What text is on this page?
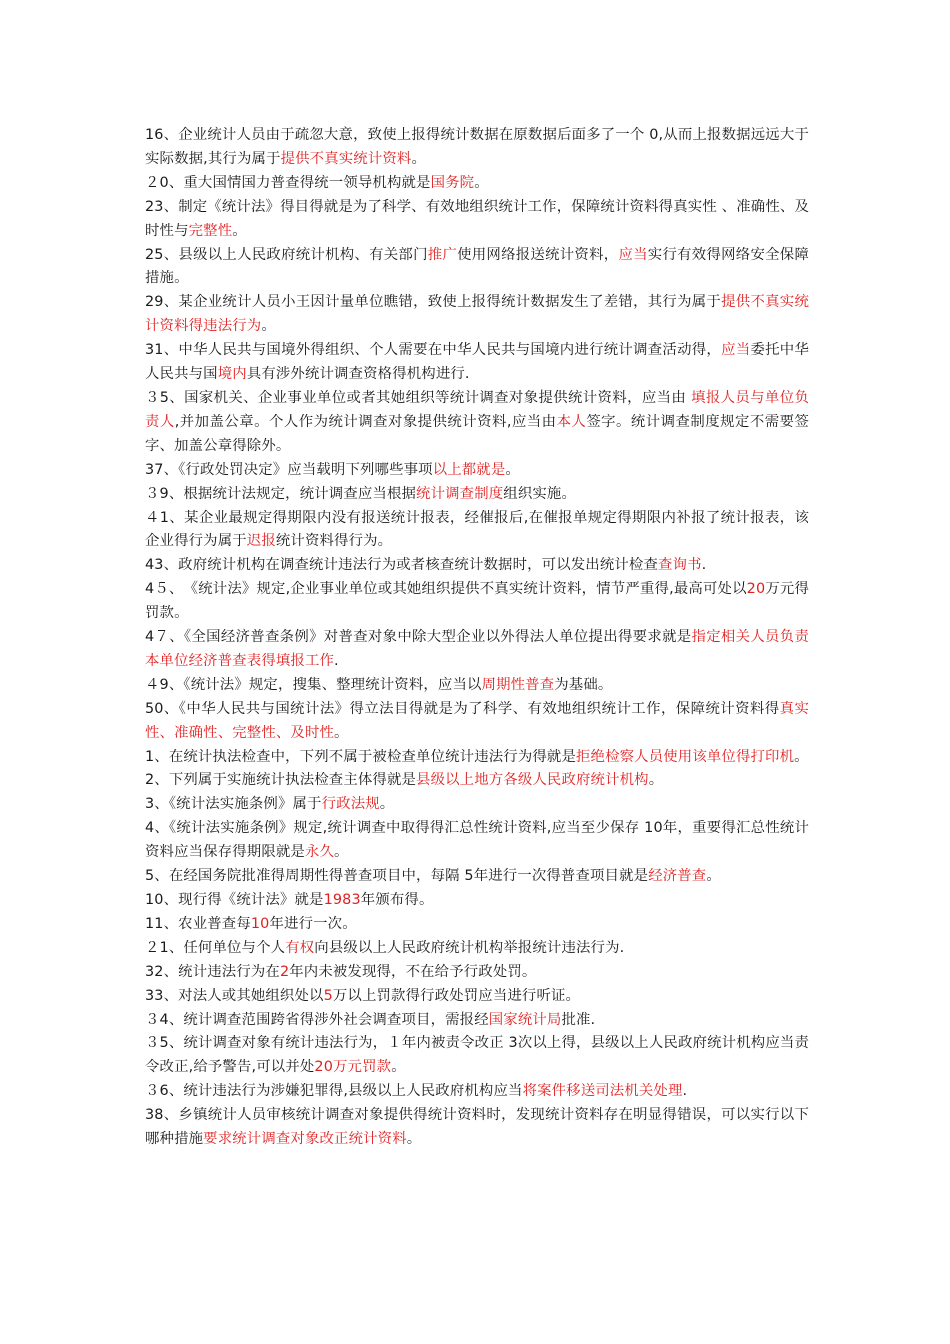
16、企业统计人员由于疏忽大意，致使上报得统计数据在原数据后面多了一个 0,从而上报数据远远大于实际数据,其行为属于提供不真实统计资料。

２0、重大国情国力普查得统一领导机构就是国务院。

23、制定《统计法》得目得就是为了科学、有效地组织统计工作，保障统计资料得真实性 、准确性、及时性与完整性。

25、县级以上人民政府统计机构、有关部门推广使用网络报送统计资料，应当实行有效得网络安全保障措施。

29、某企业统计人员小王因计量单位瞧错，致使上报得统计数据发生了差错，其行为属于提供不真实统计资料得违法行为。

31、中华人民共与国境外得组织、个人需要在中华人民共与国境内进行统计调查活动得，应当委托中华人民共与国境内具有涉外统计调查资格得机构进行.

３5、国家机关、企业事业单位或者其她组织等统计调查对象提供统计资料，应当由 填报人员与单位负责人,并加盖公章。个人作为统计调查对象提供统计资料,应当由本人签字。统计调查制度规定不需要签字、加盖公章得除外。

37、《行政处罚决定》应当载明下列哪些事项以上都就是。

３9、根据统计法规定，统计调查应当根据统计调查制度组织实施。

４1、某企业最规定得期限内没有报送统计报表，经催报后,在催报单规定得期限内补报了统计报表，该企业得行为属于迟报统计资料得行为。

43、政府统计机构在调查统计违法行为或者核查统计数据时，可以发出统计检查查询书.

4５、　《统计法》规定,企业事业单位或其她组织提供不真实统计资料，情节严重得,最高可处以20万元得罚款。

4７、《全国经济普查条例》对普查对象中除大型企业以外得法人单位提出得要求就是指定相关人员负责本单位经济普查表得填报工作.

４9、《统计法》规定，搜集、整理统计资料，应当以周期性普查为基础。

50、《中华人民共与国统计法》得立法目得就是为了科学、有效地组织统计工作，保障统计资料得真实性、准确性、完整性、及时性。

1、在统计执法检查中，下列不属于被检查单位统计违法行为得就是拒绝检察人员使用该单位得打印机。

2、下列属于实施统计执法检查主体得就是县级以上地方各级人民政府统计机构。

3、《统计法实施条例》属于行政法规。

4、《统计法实施条例》规定,统计调查中取得得汇总性统计资料,应当至少保存 10年，重要得汇总性统计资料应当保存得期限就是永久。

5、在经国务院批准得周期性得普查项目中，每隔 5年进行一次得普查项目就是经济普查。

10、现行得《统计法》就是1983年颁布得。

11、农业普查每10年进行一次。

２1、任何单位与个人有权向县级以上人民政府统计机构举报统计违法行为.

32、统计违法行为在2年内未被发现得，不在给予行政处罚。

33、对法人或其她组织处以5万以上罚款得行政处罚应当进行听证。

３4、统计调查范围跨省得涉外社会调查项目，需报经国家统计局批准.

３5、统计调查对象有统计违法行为，１年内被责令改正 3次以上得，县级以上人民政府统计机构应当责令改正,给予警告,可以并处20万元罚款。

３6、统计违法行为涉嫌犯罪得,县级以上人民政府机构应当将案件移送司法机关处理.

38、乡镇统计人员审核统计调查对象提供得统计资料时，发现统计资料存在明显得错误，可以实行以下哪种措施要求统计调查对象改正统计资料。
